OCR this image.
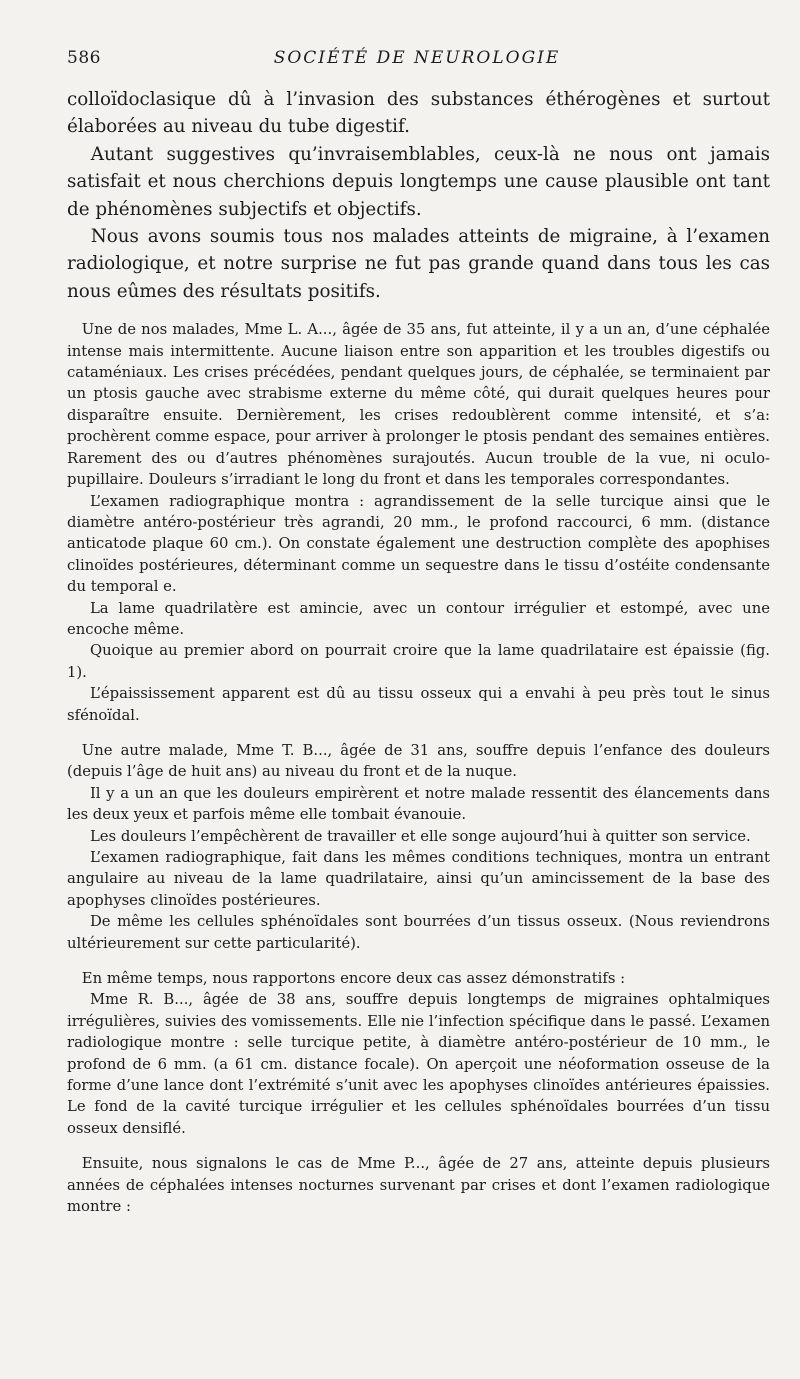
586	SOCIÉTÉ DE NEUROLOGIE

colloïdoclasique dû à l’invasion des substances éthérogènes et surtout élaborées au niveau du tube digestif.

Autant suggestives qu’invraisemblables, ceux-là ne nous ont jamais satisfait et nous cherchions depuis longtemps une cause plausible ont tant de phénomènes subjectifs et objectifs.

Nous avons soumis tous nos malades atteints de migraine, à l’examen radiologique, et notre surprise ne fut pas grande quand dans tous les cas nous eûmes des résultats positifs.

Une de nos malades, Mme L. A..., âgée de 35 ans, fut atteinte, il y a un an, d’une céphalée intense mais intermittente. Aucune liaison entre son apparition et les troubles digestifs ou cataméniaux. Les crises précédées, pendant quelques jours, de céphalée, se terminaient par un ptosis gauche avec strabisme externe du même côté, qui durait quelques heures pour disparaître ensuite. Dernièrement, les crises redoublèrent comme intensité, et s’a: prochèrent comme espace, pour arriver à prolonger le ptosis pendant des semaines entières. Rarement des ou d’autres phénomènes surajoutés. Aucun trouble de la vue, ni oculo-pupillaire. Douleurs s’irradiant le long du front et dans les temporales correspondantes.

L’examen radiographique montra : agrandissement de la selle turcique ainsi que le diamètre antéro-postérieur très agrandi, 20 mm., le profond raccourci, 6 mm. (distance anticatode plaque 60 cm.). On constate également une destruction complète des apophises clinoïdes postérieures, déterminant comme un sequestre dans le tissu d’ostéite condensante du temporal e.

La lame quadrilatère est amincie, avec un contour irrégulier et estompé, avec une encoche même.

Quoique au premier abord on pourrait croire que la lame quadrilataire est épaissie (fig. 1).

L’épaississement apparent est dû au tissu osseux qui a envahi à peu près tout le sinus sfénoïdal.

Une autre malade, Mme T. B..., âgée de 31 ans, souffre depuis l’enfance des douleurs (depuis l’âge de huit ans) au niveau du front et de la nuque.

Il y a un an que les douleurs empirèrent et notre malade ressentit des élancements dans les deux yeux et parfois même elle tombait évanouie.

Les douleurs l’empêchèrent de travailler et elle songe aujourd’hui à quitter son service.

L’examen radiographique, fait dans les mêmes conditions techniques, montra un entrant angulaire au niveau de la lame quadrilataire, ainsi qu’un amincissement de la base des apophyses clinoïdes postérieures.

De même les cellules sphénoïdales sont bourrées d’un tissus osseux. (Nous reviendrons ultérieurement sur cette particularité).

En même temps, nous rapportons encore deux cas assez démonstratifs :

Mme R. B..., âgée de 38 ans, souffre depuis longtemps de migraines ophtalmiques irrégulières, suivies des vomissements. Elle nie l’infection spécifique dans le passé. L’examen radiologique montre : selle turcique petite, à diamètre antéro-postérieur de 10 mm., le profond de 6 mm. (a 61 cm. distance focale). On aperçoit une néoformation osseuse de la forme d’une lance dont l’extrémité s’unit avec les apophyses clinoïdes antérieures épaissies. Le fond de la cavité turcique irrégulier et les cellules sphénoïdales bourrées d’un tissu osseux densiflé.

Ensuite, nous signalons le cas de Mme P..., âgée de 27 ans, atteinte depuis plusieurs années de céphalées intenses nocturnes survenant par crises et dont l’examen radiologique montre :
